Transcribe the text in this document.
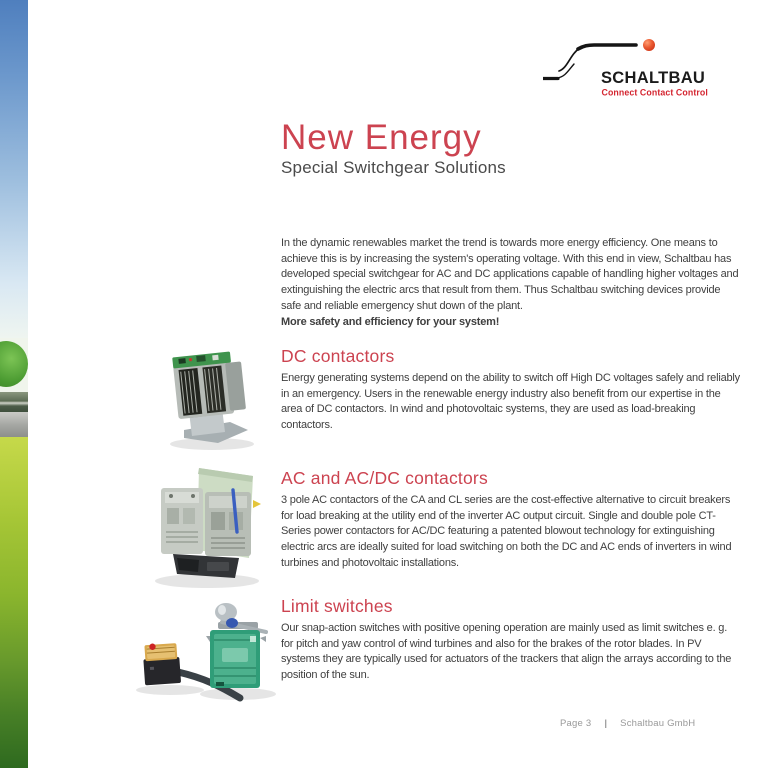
SCHALTBAU
Connect Contact Control
New Energy
Special Switchgear Solutions

In the dynamic renewables market the trend is towards more energy efficiency. One means to achieve this is by increasing the system's operating voltage. With this end in view, Schaltbau has developed special switchgear for AC and DC applications capable of handling higher voltages and extinguishing the electric arcs that result from them. Thus Schaltbau switching devices provide safe and reliable emergency shut down of the plant.

More safety and efficiency for your system!

DC contactors

Energy generating systems depend on the ability to switch off High DC voltages safely and reliably in an emergency. Users in the renewable energy industry also benefit from our expertise in the area of DC contactors. In wind and photovoltaic systems, they are used as load-breaking contactors.

AC and AC/DC contactors

3 pole AC contactors of the CA and CL series are the cost-effective alternative to circuit breakers for load breaking at the utility end of the inverter AC output circuit. Single and double pole CT-Series power contactors for AC/DC featuring a patented blowout technology for extinguishing electric arcs are ideally suited for load switching on both the DC and AC ends of inverters in wind turbines and photovoltaic installations.

Limit switches

Our snap-action switches with positive opening operation are mainly used as limit switches e. g. for pitch and yaw control of wind turbines and also for the brakes of the rotor blades. In PV systems they are typically used for actuators of the trackers that align the arrays according to the position of the sun.

Page 3 | Schaltbau GmbH
